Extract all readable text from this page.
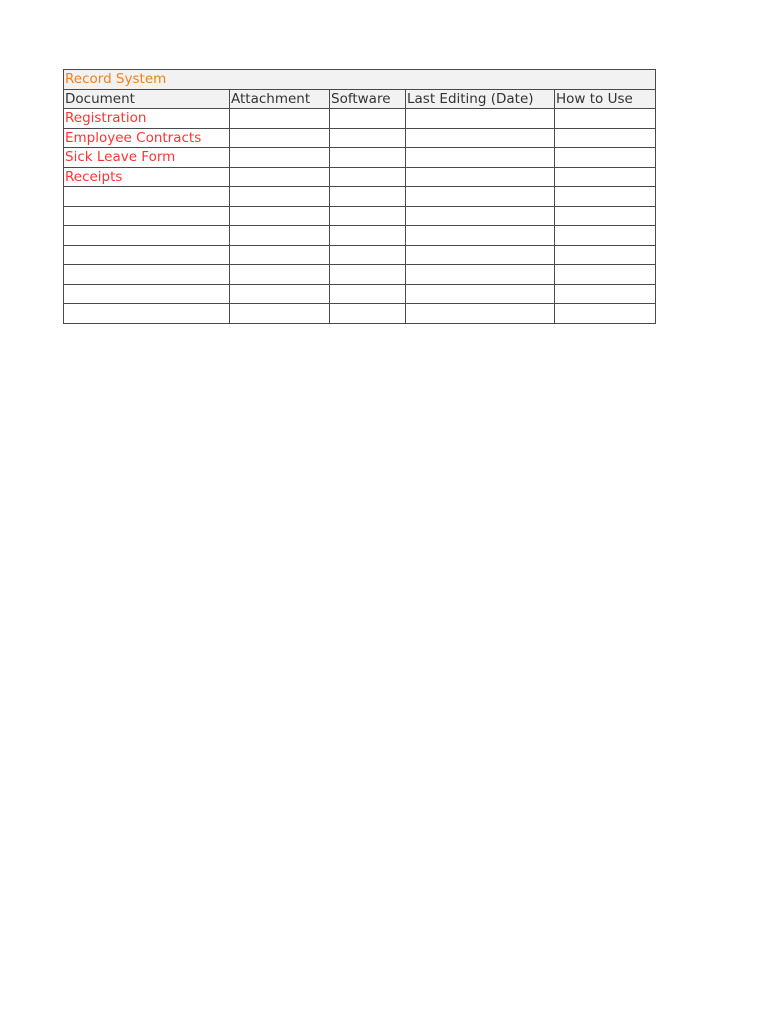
Record System				
Document	Attachment	Software	Last Editing (Date)	How to Use
Registration				
Employee Contracts				
Sick Leave Form				
Receipts				
